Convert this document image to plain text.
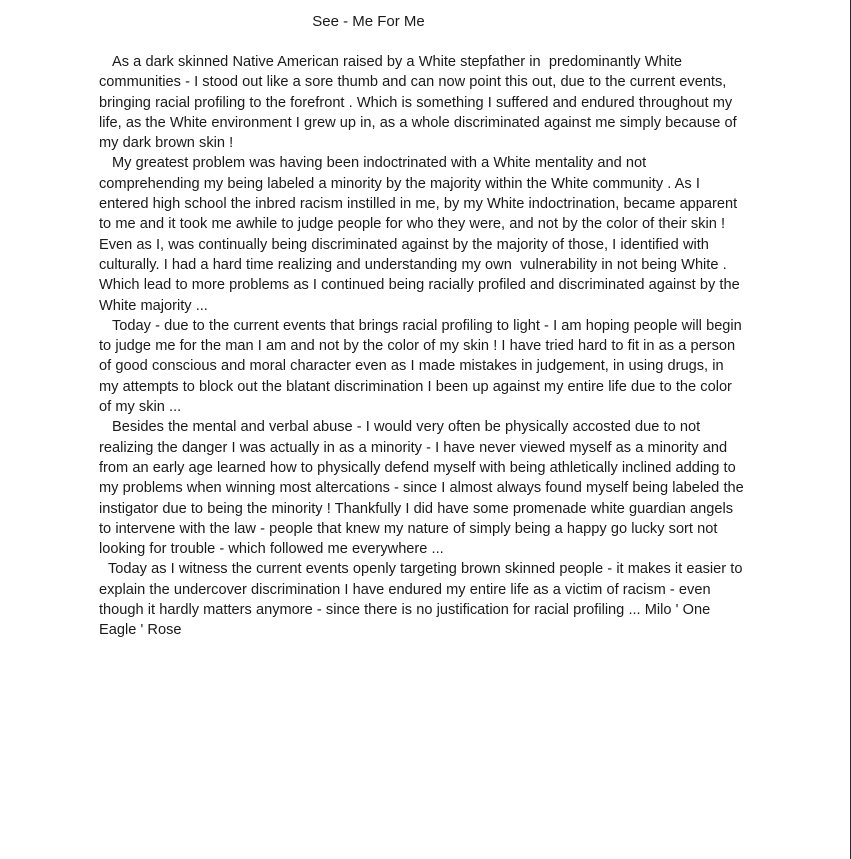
See - Me For Me

As a dark skinned Native American raised by a White stepfather in  predominantly White communities - I stood out like a sore thumb and can now point this out, due to the current events, bringing racial profiling to the forefront . Which is something I suffered and endured throughout my life, as the White environment I grew up in, as a whole discriminated against me simply because of my dark brown skin !

My greatest problem was having been indoctrinated with a White mentality and not comprehending my being labeled a minority by the majority within the White community . As I entered high school the inbred racism instilled in me, by my White indoctrination, became apparent to me and it took me awhile to judge people for who they were, and not by the color of their skin ! Even as I, was continually being discriminated against by the majority of those, I identified with culturally. I had a hard time realizing and understanding my own  vulnerability in not being White . Which lead to more problems as I continued being racially profiled and discriminated against by the White majority ...

Today - due to the current events that brings racial profiling to light - I am hoping people will begin to judge me for the man I am and not by the color of my skin ! I have tried hard to fit in as a person of good conscious and moral character even as I made mistakes in judgement, in using drugs, in my attempts to block out the blatant discrimination I been up against my entire life due to the color of my skin ...

Besides the mental and verbal abuse - I would very often be physically accosted due to not realizing the danger I was actually in as a minority - I have never viewed myself as a minority and from an early age learned how to physically defend myself with being athletically inclined adding to my problems when winning most altercations - since I almost always found myself being labeled the instigator due to being the minority ! Thankfully I did have some promenade white guardian angels to intervene with the law - people that knew my nature of simply being a happy go lucky sort not looking for trouble - which followed me everywhere ...

Today as I witness the current events openly targeting brown skinned people - it makes it easier to explain the undercover discrimination I have endured my entire life as a victim of racism - even though it hardly matters anymore - since there is no justification for racial profiling ... Milo ' One Eagle ' Rose
